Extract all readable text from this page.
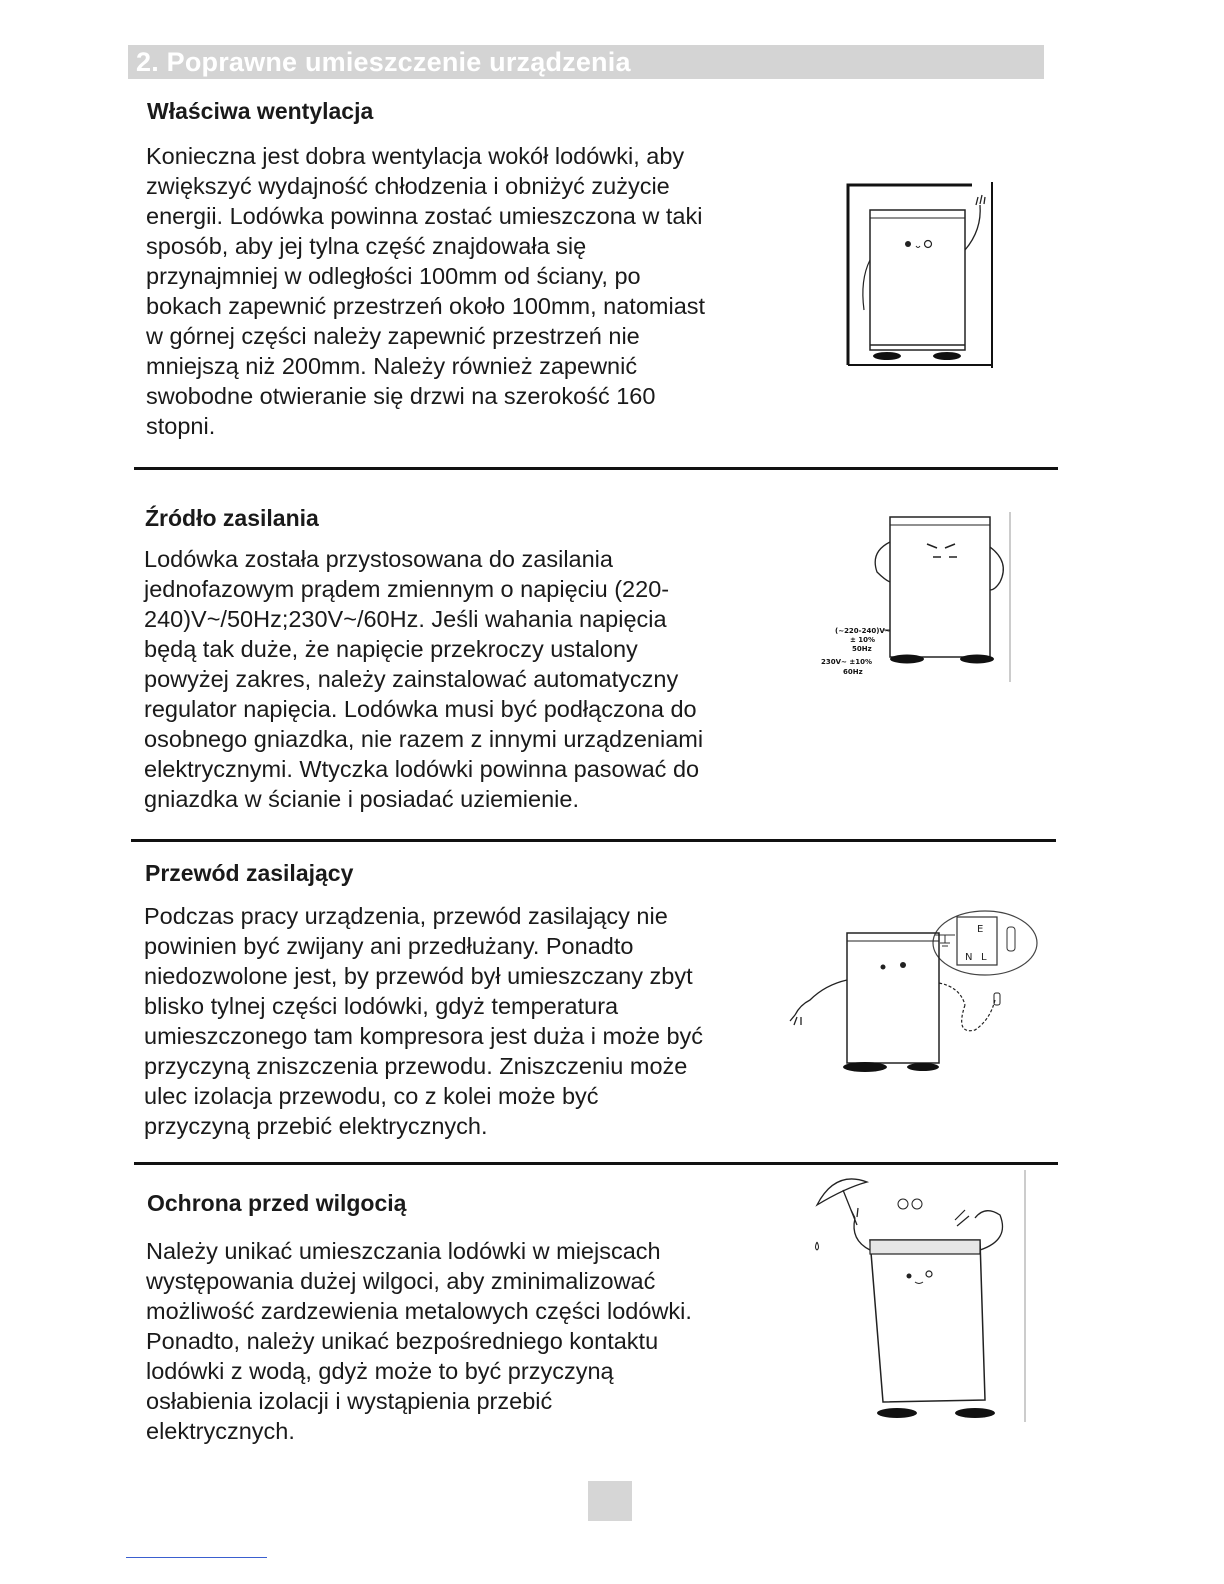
2. Poprawne umieszczenie urządzenia
Właściwa wentylacja
Konieczna jest dobra wentylacja wokół lodówki, aby
zwiększyć wydajność chłodzenia i obniżyć zużycie
energii. Lodówka powinna zostać umieszczona w taki
sposób, aby jej tylna część znajdowała się
przynajmniej w odległości 100mm od ściany, po
bokach zapewnić przestrzeń około 100mm, natomiast
w górnej części należy zapewnić przestrzeń nie
mniejszą niż 200mm. Należy również zapewnić
swobodne otwieranie się drzwi na szerokość 160
stopni.
Źródło zasilania
Lodówka została przystosowana do zasilania
jednofazowym prądem zmiennym o napięciu (220-
240)V~/50Hz;230V~/60Hz. Jeśli wahania napięcia
będą tak duże, że napięcie przekroczy ustalony
powyżej zakres, należy zainstalować automatyczny
regulator napięcia. Lodówka musi być podłączona do
osobnego gniazdka, nie razem z innymi urządzeniami
elektrycznymi. Wtyczka lodówki powinna pasować do
gniazdka w ścianie i posiadać uziemienie.
(~220-240)V~
± 10%
50Hz
230V~ ±10%
60Hz
Przewód zasilający
Podczas pracy urządzenia, przewód zasilający nie
powinien być zwijany ani przedłużany. Ponadto
niedozwolone jest, by przewód był umieszczany zbyt
blisko tylnej części lodówki, gdyż temperatura
umieszczonego tam kompresora jest duża i może być
przyczyną zniszczenia przewodu. Zniszczeniu może
ulec izolacja przewodu, co z kolei może być
przyczyną przebić elektrycznych.
E
N L
Ochrona przed wilgocią
Należy unikać umieszczania lodówki w miejscach
występowania dużej wilgoci, aby zminimalizować
możliwość zardzewienia metalowych części lodówki.
Ponadto, należy unikać bezpośredniego kontaktu
lodówki z wodą, gdyż może to być przyczyną
osłabienia izolacji i wystąpienia przebić
elektrycznych.
